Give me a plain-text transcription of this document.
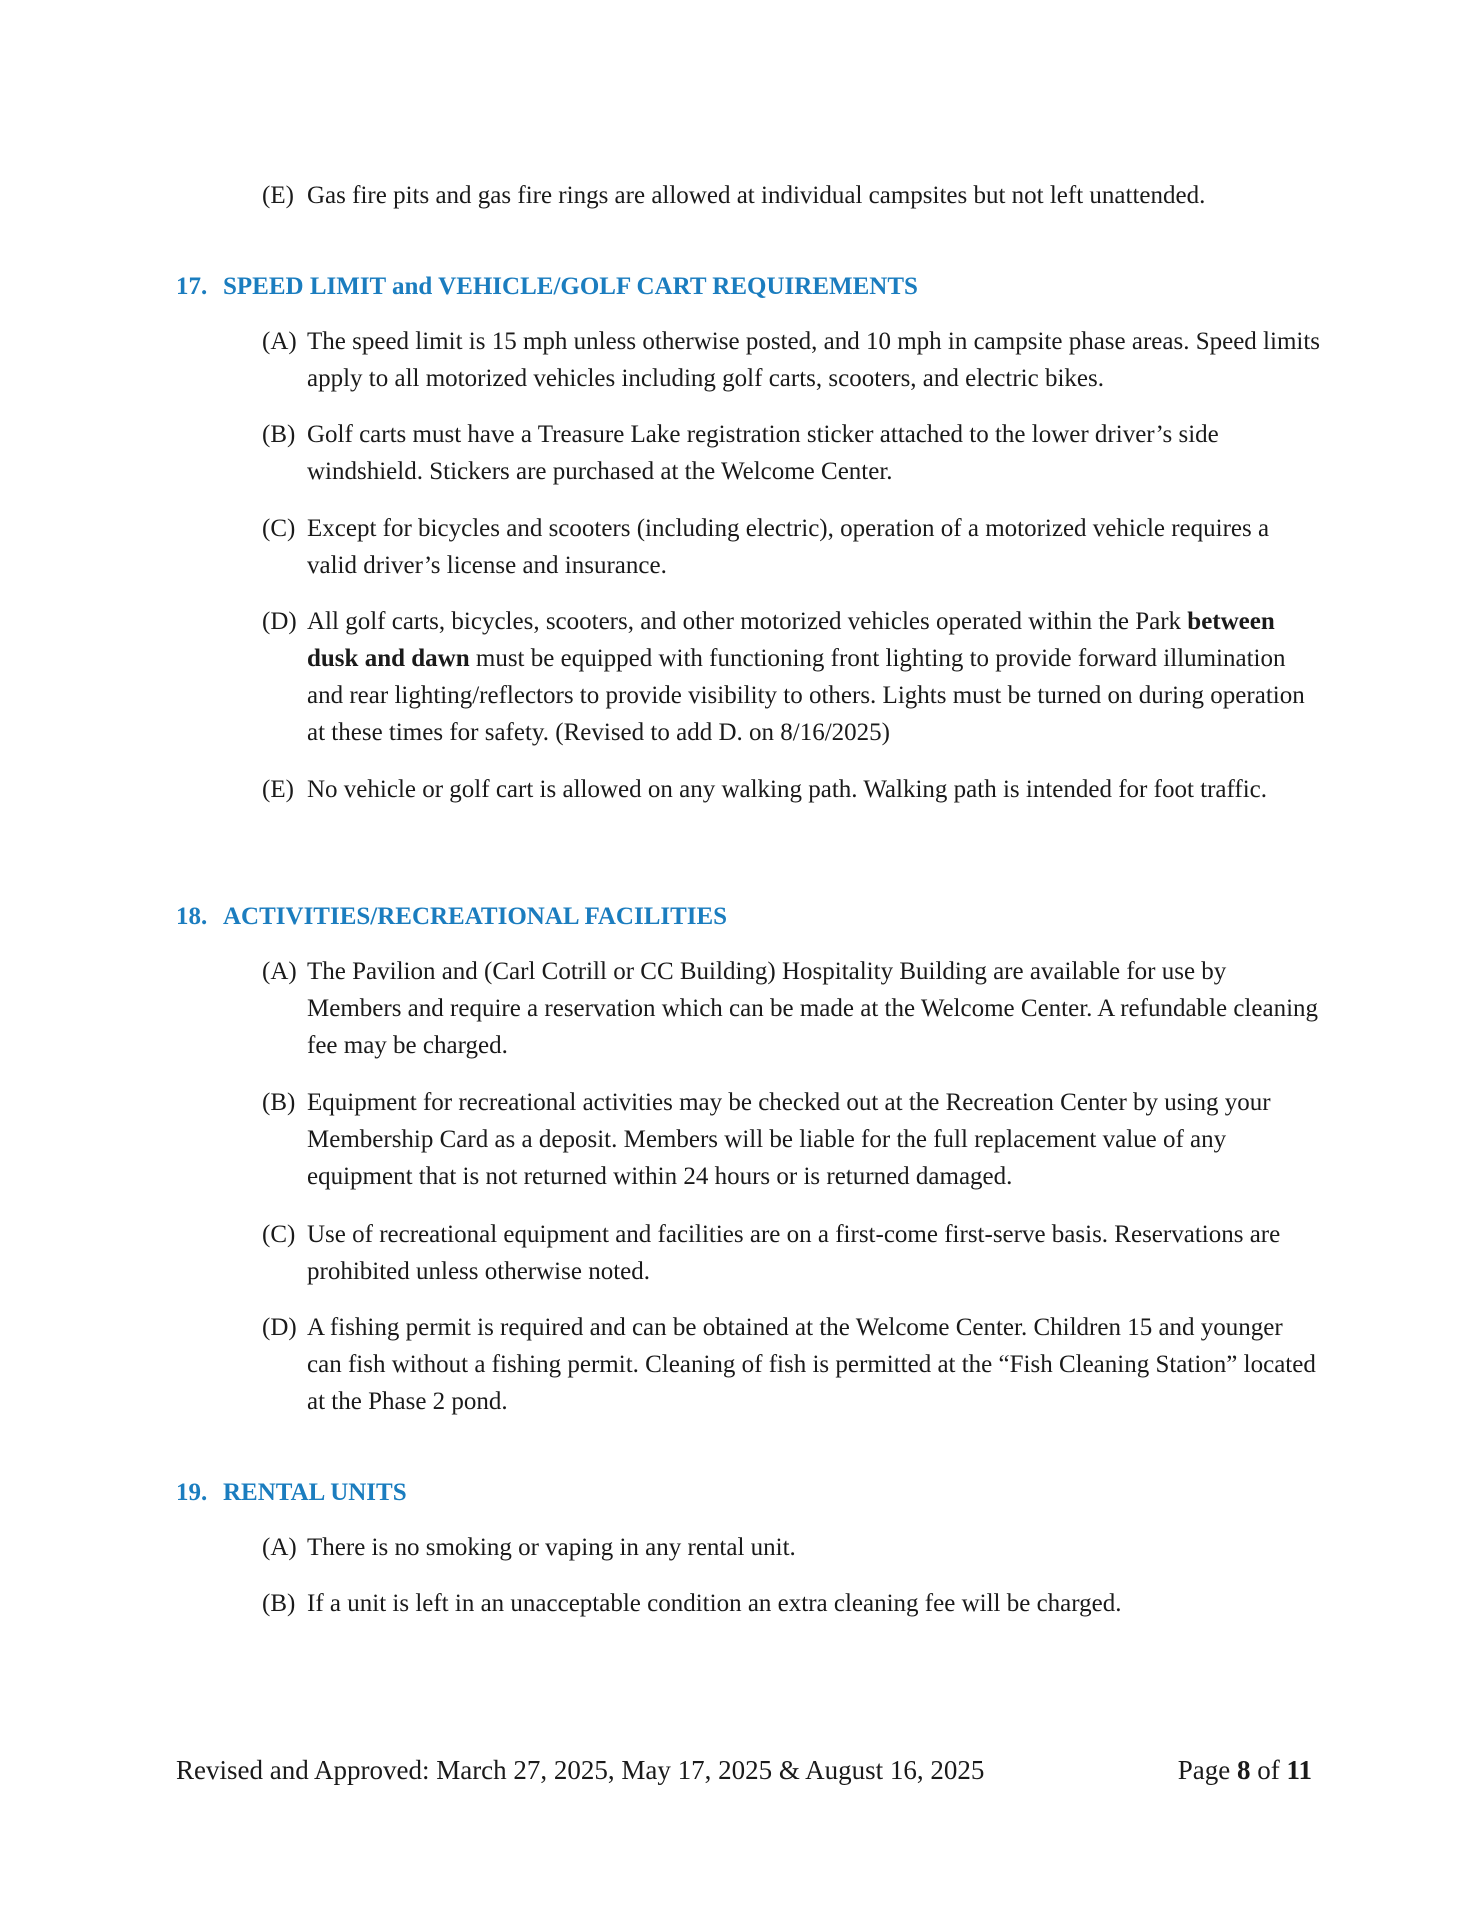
(E) Gas fire pits and gas fire rings are allowed at individual campsites but not left unattended.
17. SPEED LIMIT and VEHICLE/GOLF CART REQUIREMENTS
(A) The speed limit is 15 mph unless otherwise posted, and 10 mph in campsite phase areas. Speed limits apply to all motorized vehicles including golf carts, scooters, and electric bikes.
(B) Golf carts must have a Treasure Lake registration sticker attached to the lower driver’s side windshield. Stickers are purchased at the Welcome Center.
(C) Except for bicycles and scooters (including electric), operation of a motorized vehicle requires a valid driver’s license and insurance.
(D) All golf carts, bicycles, scooters, and other motorized vehicles operated within the Park between dusk and dawn must be equipped with functioning front lighting to provide forward illumination and rear lighting/reflectors to provide visibility to others. Lights must be turned on during operation at these times for safety. (Revised to add D. on 8/16/2025)
(E) No vehicle or golf cart is allowed on any walking path. Walking path is intended for foot traffic.
18. ACTIVITIES/RECREATIONAL FACILITIES
(A) The Pavilion and (Carl Cotrill or CC Building) Hospitality Building are available for use by Members and require a reservation which can be made at the Welcome Center. A refundable cleaning fee may be charged.
(B) Equipment for recreational activities may be checked out at the Recreation Center by using your Membership Card as a deposit. Members will be liable for the full replacement value of any equipment that is not returned within 24 hours or is returned damaged.
(C) Use of recreational equipment and facilities are on a first-come first-serve basis. Reservations are prohibited unless otherwise noted.
(D) A fishing permit is required and can be obtained at the Welcome Center. Children 15 and younger can fish without a fishing permit. Cleaning of fish is permitted at the “Fish Cleaning Station” located at the Phase 2 pond.
19. RENTAL UNITS
(A) There is no smoking or vaping in any rental unit.
(B) If a unit is left in an unacceptable condition an extra cleaning fee will be charged.
Revised and Approved: March 27, 2025, May 17, 2025 & August 16, 2025	Page 8 of 11
